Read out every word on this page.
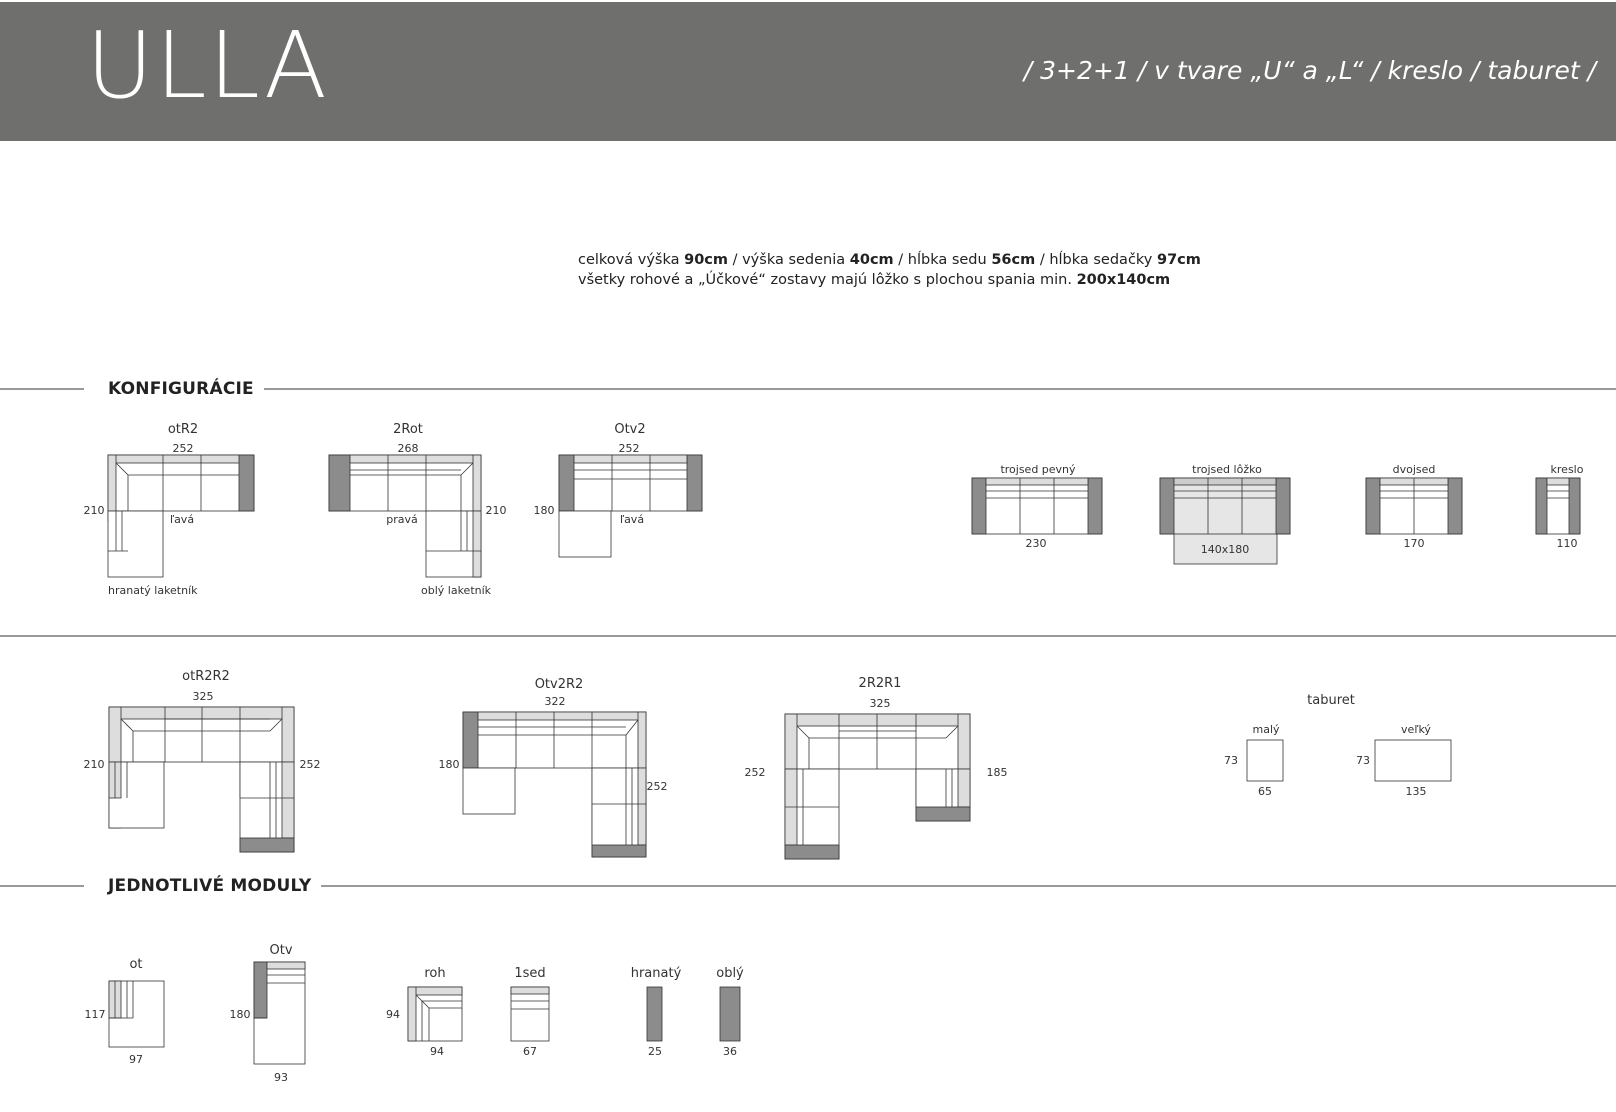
ULLA	/ 3+2+1 / v tvare „U“ a „L“ / kreslo / taburet /
celková výška 90cm / výška sedenia 40cm / hĺbka sedu 56cm / hĺbka sedačky 97cm
všetky rohové a „Účkové“ zostavy majú lôžko s plochou spania min. 200x140cm
otR2
252
210
ľavá
hranatý laketník
2Rot
268
210
pravá
oblý laketník
Otv2
252
180
ľavá
trojsed pevný
230
trojsed lôžko
140x180
dvojsed
170
kreslo
110
otR2R2
325
210	252
Otv2R2
322
180
252
2R2R1
325
252	185
taburet
malý
73
65
veľký
73
135
ot
117
97
Otv
180
93
roh
94
94
1sed
67
hranatý
25
oblý
36
KONFIGURÁCIE
JEDNOTLIVÉ MODULY
